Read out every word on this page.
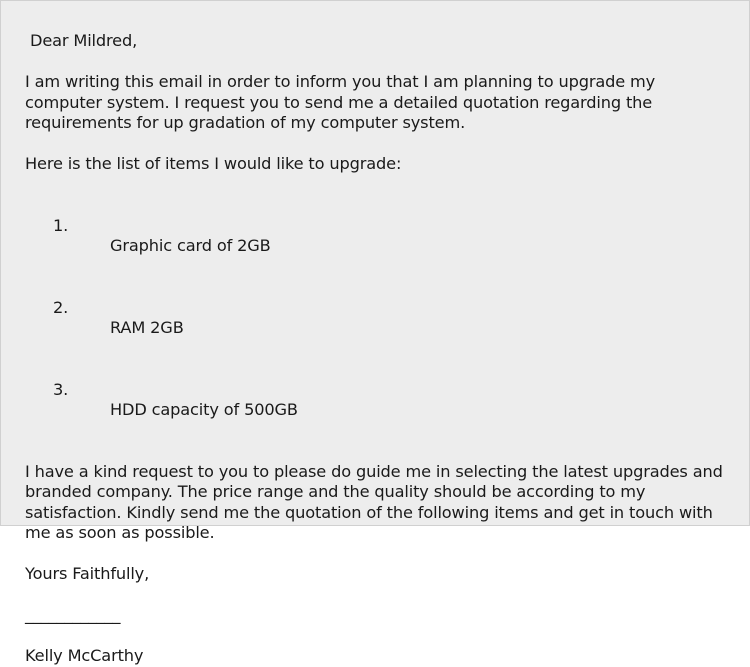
Dear Mildred,
I am writing this email in order to inform you that I am planning to upgrade my
computer system. I request you to send me a detailed quotation regarding the
requirements for up gradation of my computer system.
Here is the list of items I would like to upgrade:

1.

Graphic card of 2GB

2.

RAM 2GB

3.

HDD capacity of 500GB

I have a kind request to you to please do guide me in selecting the latest upgrades and
branded company. The price range and the quality should be according to my
satisfaction. Kindly send me the quotation of the following items and get in touch with
me as soon as possible.
Yours Faithfully,
____________
Kelly McCarthy
